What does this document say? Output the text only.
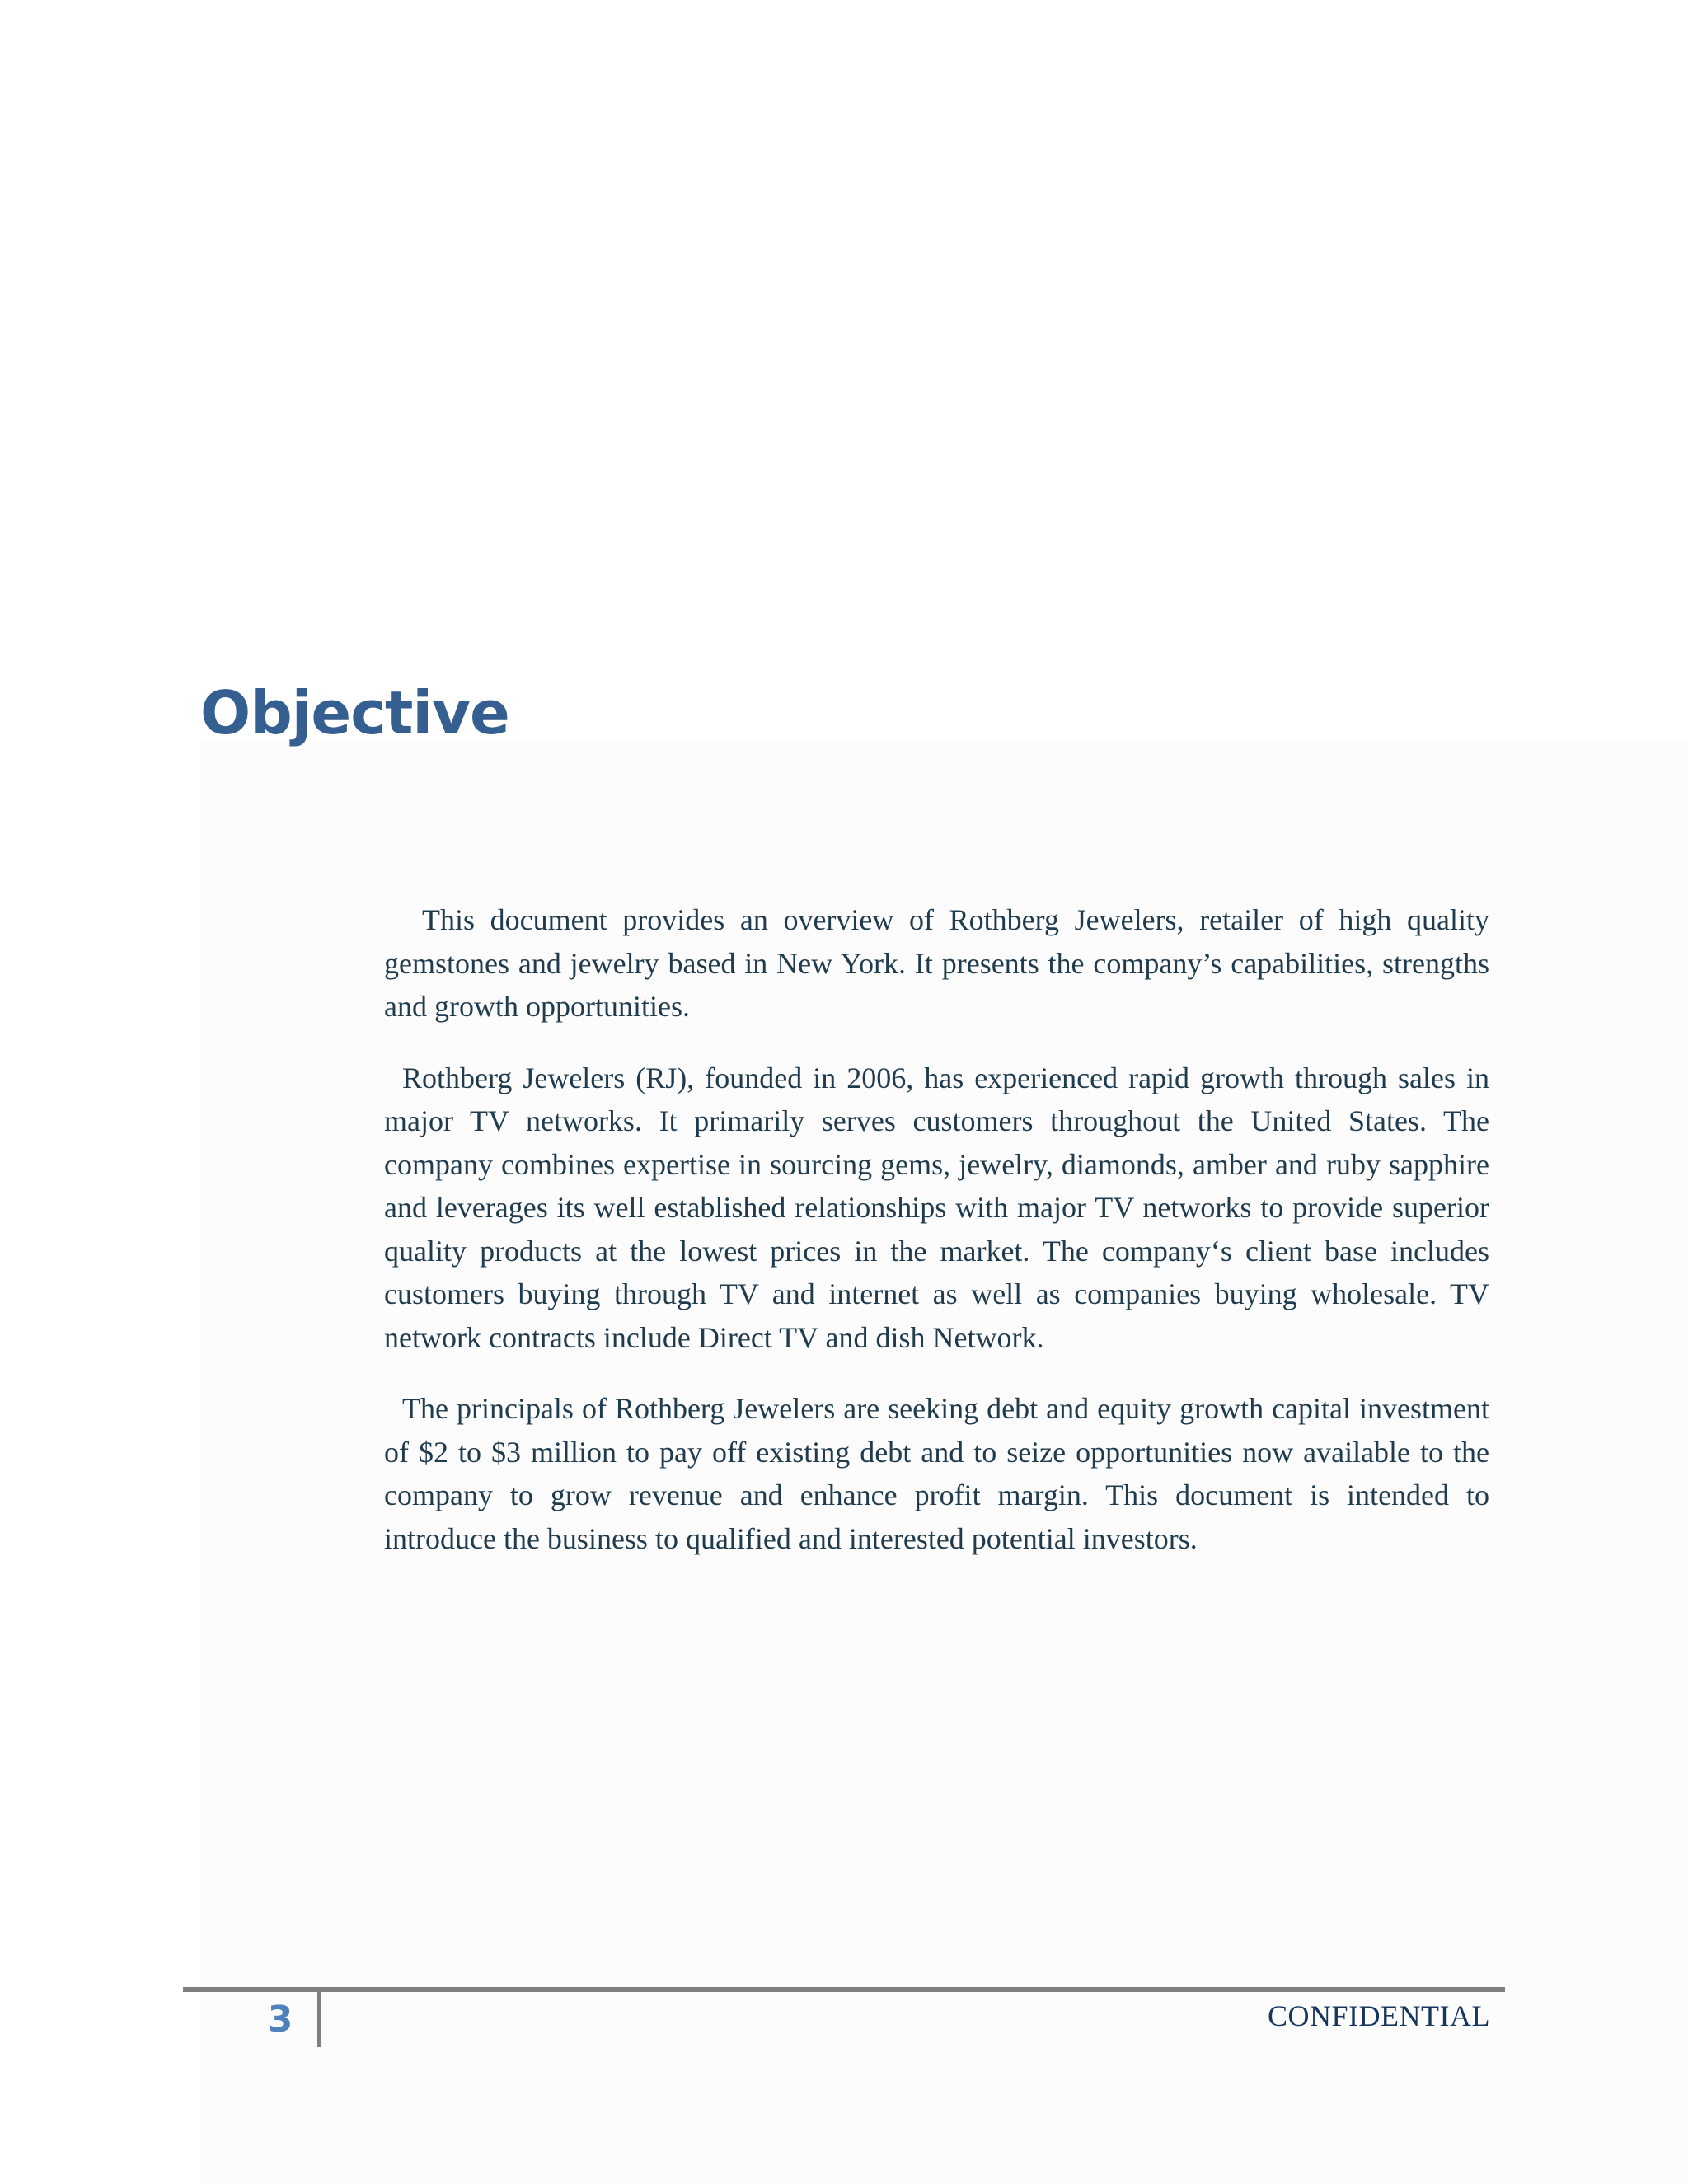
Objective

This document provides an overview of Rothberg Jewelers, retailer of high quality gemstones and jewelry based in New York. It presents the company’s capabilities, strengths and growth opportunities.

Rothberg Jewelers (RJ), founded in 2006, has experienced rapid growth through sales in major TV networks. It primarily serves customers throughout the United States. The company combines expertise in sourcing gems, jewelry, diamonds, amber and ruby sapphire and leverages its well established relationships with major TV networks to provide superior quality products at the lowest prices in the market. The company‘s client base includes customers buying through TV and internet as well as companies buying wholesale. TV network contracts include Direct TV and dish Network.

The principals of Rothberg Jewelers are seeking debt and equity growth capital investment of $2 to $3 million to pay off existing debt and to seize opportunities now available to the company to grow revenue and enhance profit margin. This document is intended to introduce the business to qualified and interested potential investors.

3	CONFIDENTIAL
